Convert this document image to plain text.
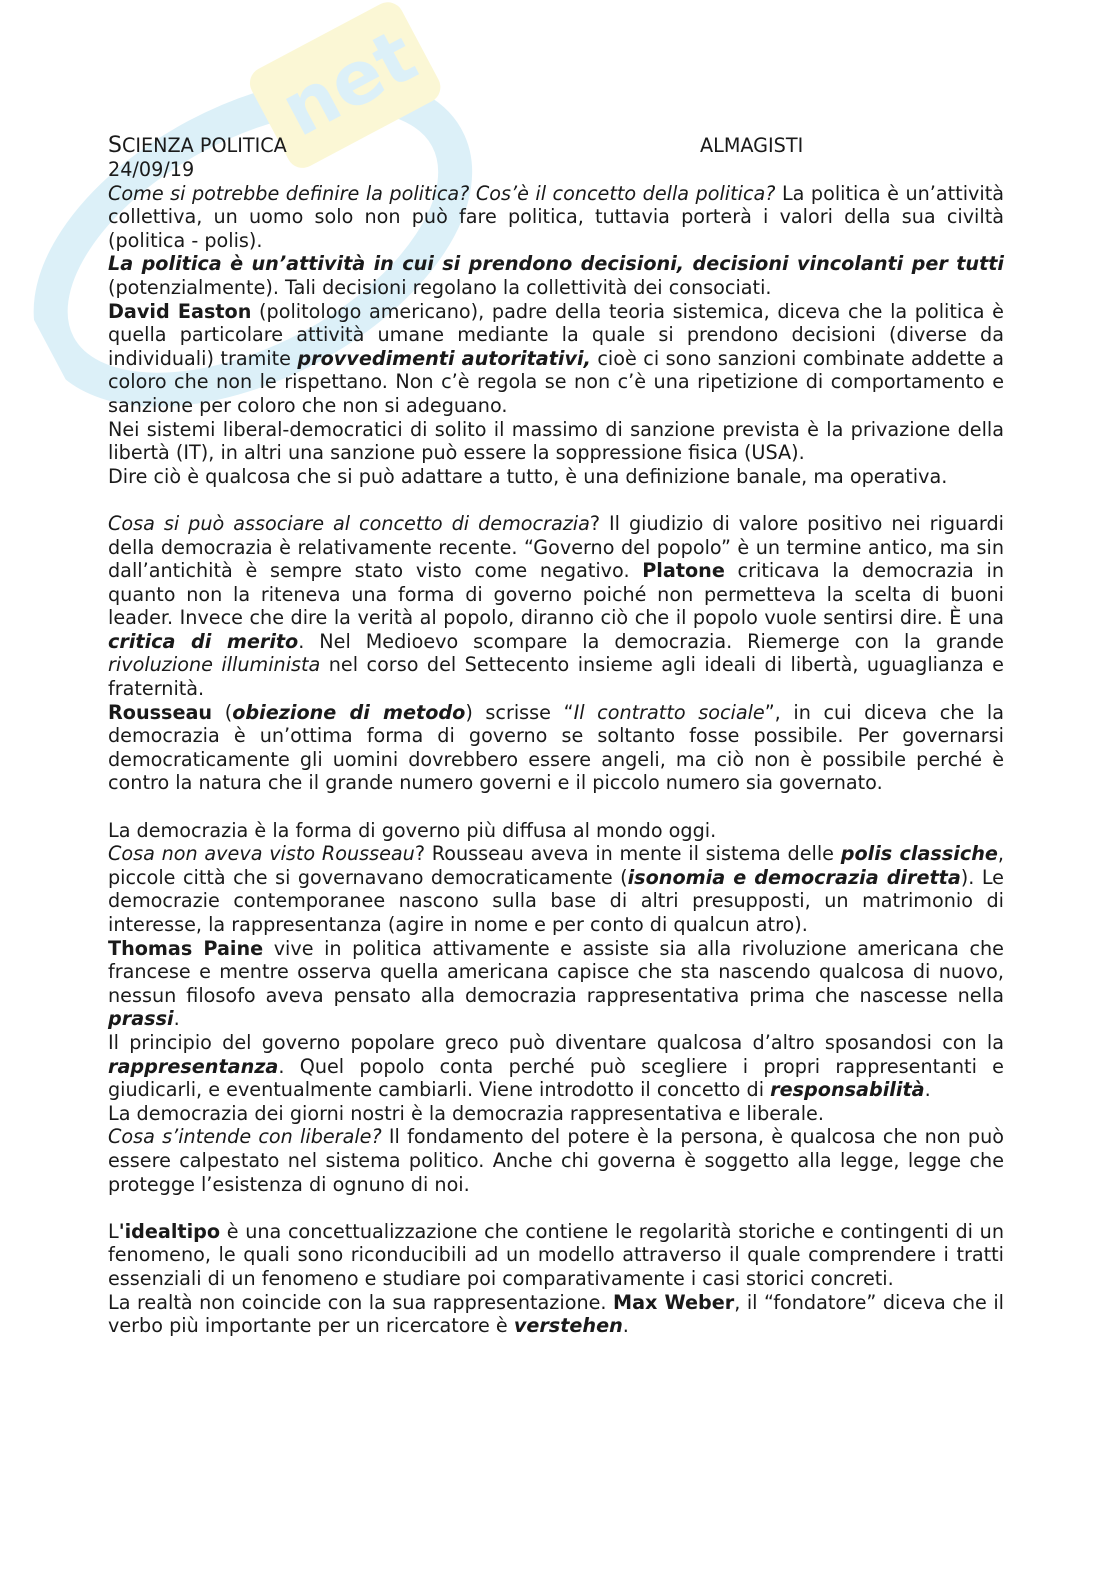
net
SCIENZA POLITICA	ALMAGISTI

24/09/19

Come si potrebbe definire la politica? Cos’è il concetto della politica? La politica è un’attività collettiva, un uomo solo non può fare politica, tuttavia porterà i valori della sua civiltà (politica - polis).

La politica è un’attività in cui si prendono decisioni, decisioni vincolanti per tutti (potenzialmente). Tali decisioni regolano la collettività dei consociati.

David Easton (politologo americano), padre della teoria sistemica, diceva che la politica è quella particolare attività umane mediante la quale si prendono decisioni (diverse da individuali) tramite provvedimenti autoritativi, cioè ci sono sanzioni combinate addette a coloro che non le rispettano. Non c’è regola se non c’è una ripetizione di comportamento e sanzione per coloro che non si adeguano.

Nei sistemi liberal-democratici di solito il massimo di sanzione prevista è la privazione della libertà (IT), in altri una sanzione può essere la soppressione fisica (USA).

Dire ciò è qualcosa che si può adattare a tutto, è una definizione banale, ma operativa.

Cosa si può associare al concetto di democrazia? Il giudizio di valore positivo nei riguardi della democrazia è relativamente recente. “Governo del popolo” è un termine antico, ma sin dall’antichità è sempre stato visto come negativo. Platone criticava la democrazia in quanto non la riteneva una forma di governo poiché non permetteva la scelta di buoni leader. Invece che dire la verità al popolo, diranno ciò che il popolo vuole sentirsi dire. È una critica di merito. Nel Medioevo scompare la democrazia. Riemerge con la grande rivoluzione illuminista nel corso del Settecento insieme agli ideali di libertà, uguaglianza e fraternità.

Rousseau (obiezione di metodo) scrisse “Il contratto sociale”, in cui diceva che la democrazia è un’ottima forma di governo se soltanto fosse possibile. Per governarsi democraticamente gli uomini dovrebbero essere angeli, ma ciò non è possibile perché è contro la natura che il grande numero governi e il piccolo numero sia governato.

La democrazia è la forma di governo più diffusa al mondo oggi.

Cosa non aveva visto Rousseau? Rousseau aveva in mente il sistema delle polis classiche, piccole città che si governavano democraticamente (isonomia e democrazia diretta). Le democrazie contemporanee nascono sulla base di altri presupposti, un matrimonio di interesse, la rappresentanza (agire in nome e per conto di qualcun atro).

Thomas Paine vive in politica attivamente e assiste sia alla rivoluzione americana che francese e mentre osserva quella americana capisce che sta nascendo qualcosa di nuovo, nessun filosofo aveva pensato alla democrazia rappresentativa prima che nascesse nella prassi.

Il principio del governo popolare greco può diventare qualcosa d’altro sposandosi con la rappresentanza. Quel popolo conta perché può scegliere i propri rappresentanti e giudicarli, e eventualmente cambiarli. Viene introdotto il concetto di responsabilità.

La democrazia dei giorni nostri è la democrazia rappresentativa e liberale.

Cosa s’intende con liberale? Il fondamento del potere è la persona, è qualcosa che non può essere calpestato nel sistema politico. Anche chi governa è soggetto alla legge, legge che protegge l’esistenza di ognuno di noi.

L'idealtipo è una concettualizzazione che contiene le regolarità storiche e contingenti di un fenomeno, le quali sono riconducibili ad un modello attraverso il quale comprendere i tratti essenziali di un fenomeno e studiare poi comparativamente i casi storici concreti.

La realtà non coincide con la sua rappresentazione. Max Weber, il “fondatore” diceva che il verbo più importante per un ricercatore è verstehen.
